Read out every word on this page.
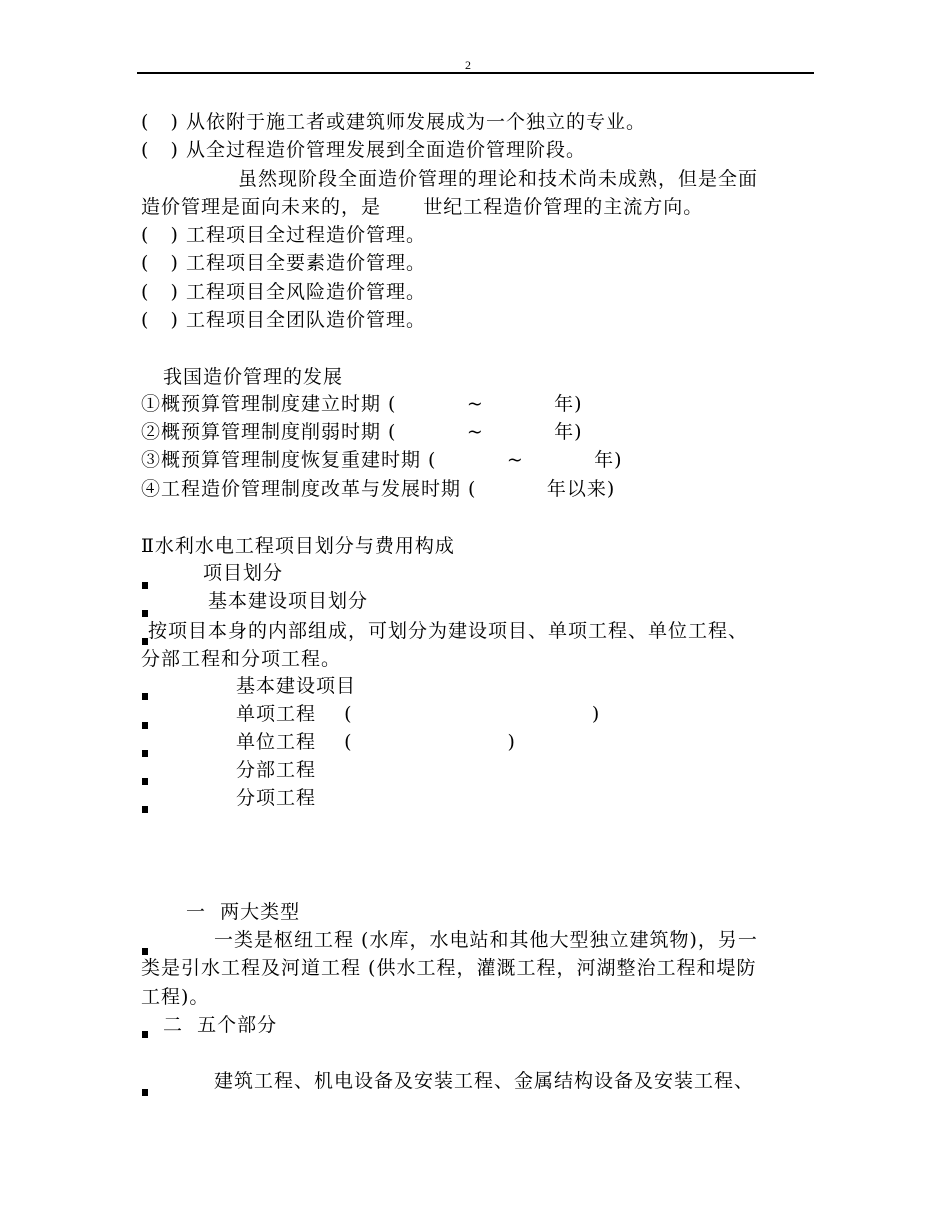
2
(   ) 从依附于施工者或建筑师发展成为一个独立的专业。
(   ) 从全过程造价管理发展到全面造价管理阶段。
虽然现阶段全面造价管理的理论和技术尚未成熟，但是全面
造价管理是面向未来的，是      世纪工程造价管理的主流方向。
(   ) 工程项目全过程造价管理。
(   ) 工程项目全要素造价管理。
(   ) 工程项目全风险造价管理。
(   ) 工程项目全团队造价管理。
我国造价管理的发展
①概预算管理制度建立时期 (          ~          年)
②概预算管理制度削弱时期 (          ~          年)
③概预算管理制度恢复重建时期 (          ~          年)
④工程造价管理制度改革与发展时期 (          年以来)
Ⅱ水利水电工程项目划分与费用构成
项目划分
基本建设项目划分
按项目本身的内部组成，可划分为建设项目、单项工程、单位工程、
分部工程和分项工程。
基本建设项目
单项工程    (                                  )
单位工程    (                      )
分部工程
分项工程
一  两大类型
一类是枢纽工程 (水库，水电站和其他大型独立建筑物)，另一
类是引水工程及河道工程 (供水工程，灌溉工程，河湖整治工程和堤防
工程)。
二  五个部分
建筑工程、机电设备及安装工程、金属结构设备及安装工程、
